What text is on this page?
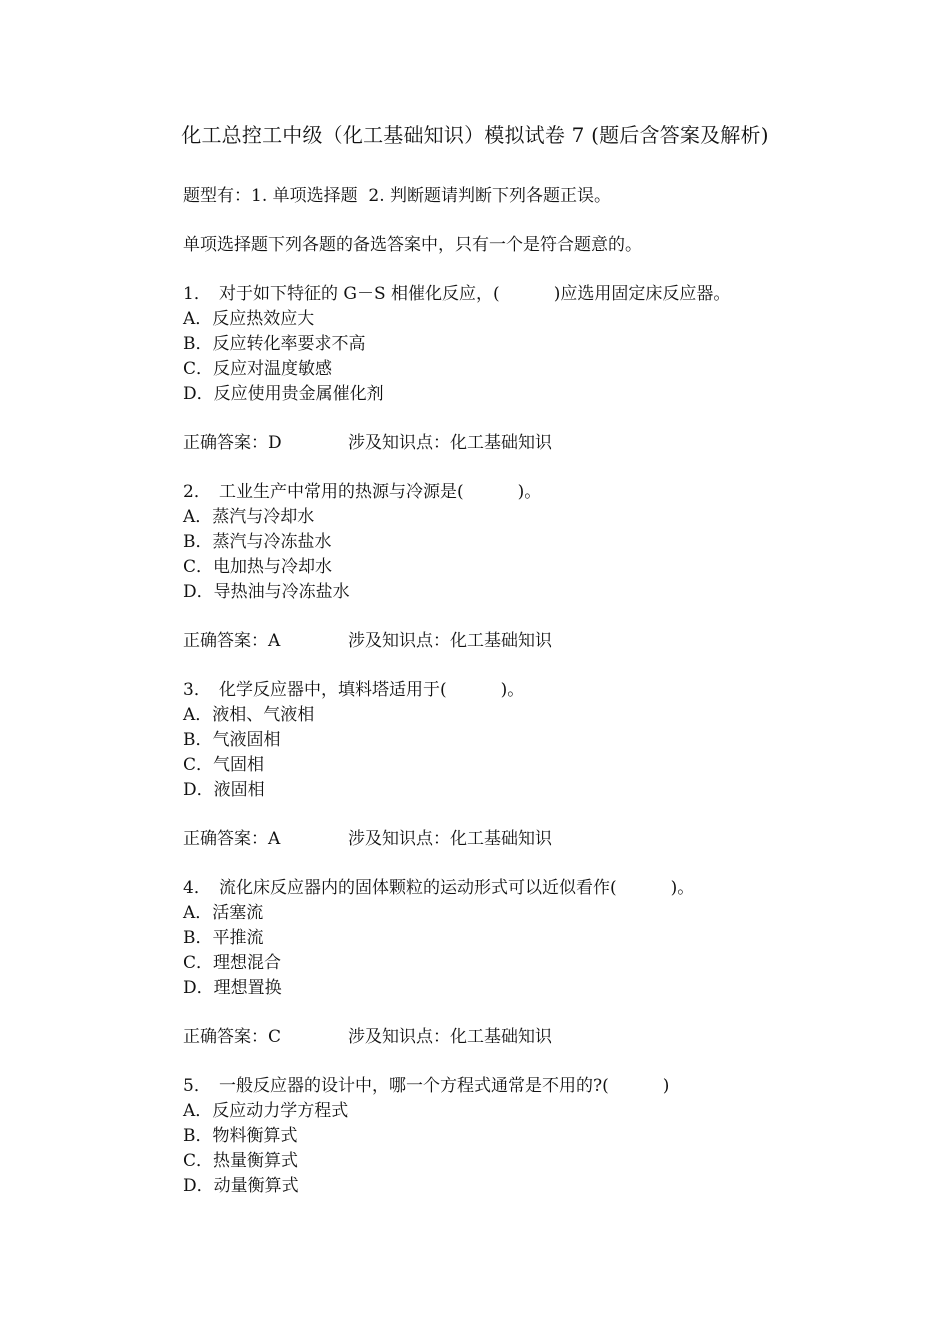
化工总控工中级（化工基础知识）模拟试卷 7 (题后含答案及解析)
题型有：1. 单项选择题  2. 判断题请判断下列各题正误。
单项选择题下列各题的备选答案中，只有一个是符合题意的。
1． 对于如下特征的 G－S 相催化反应，(          )应选用固定床反应器。
A．反应热效应大
B．反应转化率要求不高
C．反应对温度敏感
D．反应使用贵金属催化剂
正确答案：D	涉及知识点：化工基础知识
2． 工业生产中常用的热源与冷源是(          )。
A．蒸汽与冷却水
B．蒸汽与冷冻盐水
C．电加热与冷却水
D．导热油与冷冻盐水
正确答案：A	涉及知识点：化工基础知识
3． 化学反应器中，填料塔适用于(          )。
A．液相、气液相
B．气液固相
C．气固相
D．液固相
正确答案：A	涉及知识点：化工基础知识
4． 流化床反应器内的固体颗粒的运动形式可以近似看作(          )。
A．活塞流
B．平推流
C．理想混合
D．理想置换
正确答案：C	涉及知识点：化工基础知识
5． 一般反应器的设计中，哪一个方程式通常是不用的?(          )
A．反应动力学方程式
B．物料衡算式
C．热量衡算式
D．动量衡算式
